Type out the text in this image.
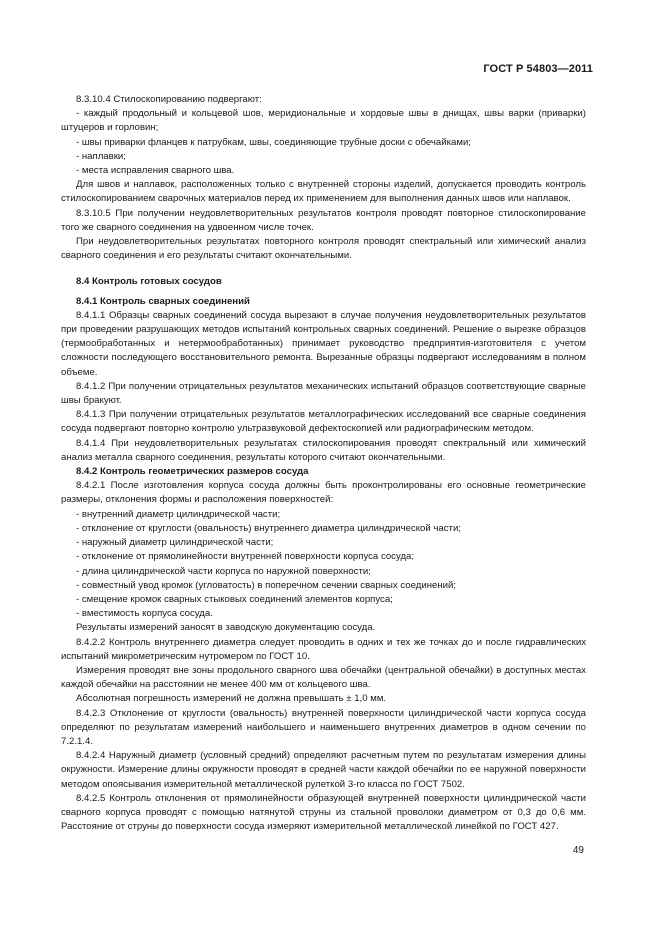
ГОСТ Р 54803—2011

8.3.10.4 Стилоскопированию подвергают:

- каждый продольный и кольцевой шов, меридиональные и хордовые швы в днищах, швы варки (приварки) штуцеров и горловин;

- швы приварки фланцев к патрубкам, швы, соединяющие трубные доски с обечайками;

- наплавки;

- места исправления сварного шва.

Для швов и наплавок, расположенных только с внутренней стороны изделий, допускается проводить контроль стилоскопированием сварочных материалов перед их применением для выполнения данных швов или наплавок.

8.3.10.5 При получении неудовлетворительных результатов контроля проводят повторное стилоскопирование того же сварного соединения на удвоенном числе точек.

При неудовлетворительных результатах повторного контроля проводят спектральный или химический анализ сварного соединения и его результаты считают окончательными.

8.4 Контроль готовых сосудов

8.4.1 Контроль сварных соединений

8.4.1.1 Образцы сварных соединений сосуда вырезают в случае получения неудовлетворительных результатов при проведении разрушающих методов испытаний контрольных сварных соединений. Решение о вырезке образцов (термообработанных и нетермообработанных) принимает руководство предприятия-изготовителя с учетом сложности последующего восстановительного ремонта. Вырезанные образцы подвергают исследованиям в полном объеме.

8.4.1.2 При получении отрицательных результатов механических испытаний образцов соответствующие сварные швы бракуют.

8.4.1.3 При получении отрицательных результатов металлографических исследований все сварные соединения сосуда подвергают повторно контролю ультразвуковой дефектоскопией или радиографическим методом.

8.4.1.4 При неудовлетворительных результатах стилоскопирования проводят спектральный или химический анализ металла сварного соединения, результаты которого считают окончательными.

8.4.2 Контроль геометрических размеров сосуда

8.4.2.1 После изготовления корпуса сосуда должны быть проконтролированы его основные геометрические размеры, отклонения формы и расположения поверхностей:

- внутренний диаметр цилиндрической части;

- отклонение от круглости (овальность) внутреннего диаметра цилиндрической части;

- наружный диаметр цилиндрической части;

- отклонение от прямолинейности внутренней поверхности корпуса сосуда;

- длина цилиндрической части корпуса по наружной поверхности;

- совместный увод кромок (угловатость) в поперечном сечении сварных соединений;

- смещение кромок сварных стыковых соединений элементов корпуса;

- вместимость корпуса сосуда.

Результаты измерений заносят в заводскую документацию сосуда.

8.4.2.2 Контроль внутреннего диаметра следует проводить в одних и тех же точках до и после гидравлических испытаний микрометрическим нутромером по ГОСТ 10.

Измерения проводят вне зоны продольного сварного шва обечайки (центральной обечайки) в доступных местах каждой обечайки на расстоянии не менее 400 мм от кольцевого шва.

Абсолютная погрешность измерений не должна превышать ± 1,0 мм.

8.4.2.3 Отклонение от круглости (овальность) внутренней поверхности цилиндрической части корпуса сосуда определяют по результатам измерений наибольшего и наименьшего внутренних диаметров в одном сечении по 7.2.1.4.

8.4.2.4 Наружный диаметр (условный средний) определяют расчетным путем по результатам измерения длины окружности. Измерение длины окружности проводят в средней части каждой обечайки по ее наружной поверхности методом опоясывания измерительной металлической рулеткой 3-го класса по ГОСТ 7502.

8.4.2.5 Контроль отклонения от прямолинейности образующей внутренней поверхности цилиндрической части сварного корпуса проводят с помощью натянутой струны из стальной проволоки диаметром от 0,3 до 0,6 мм. Расстояние от струны до поверхности сосуда измеряют измерительной металлической линейкой по ГОСТ 427.

49
